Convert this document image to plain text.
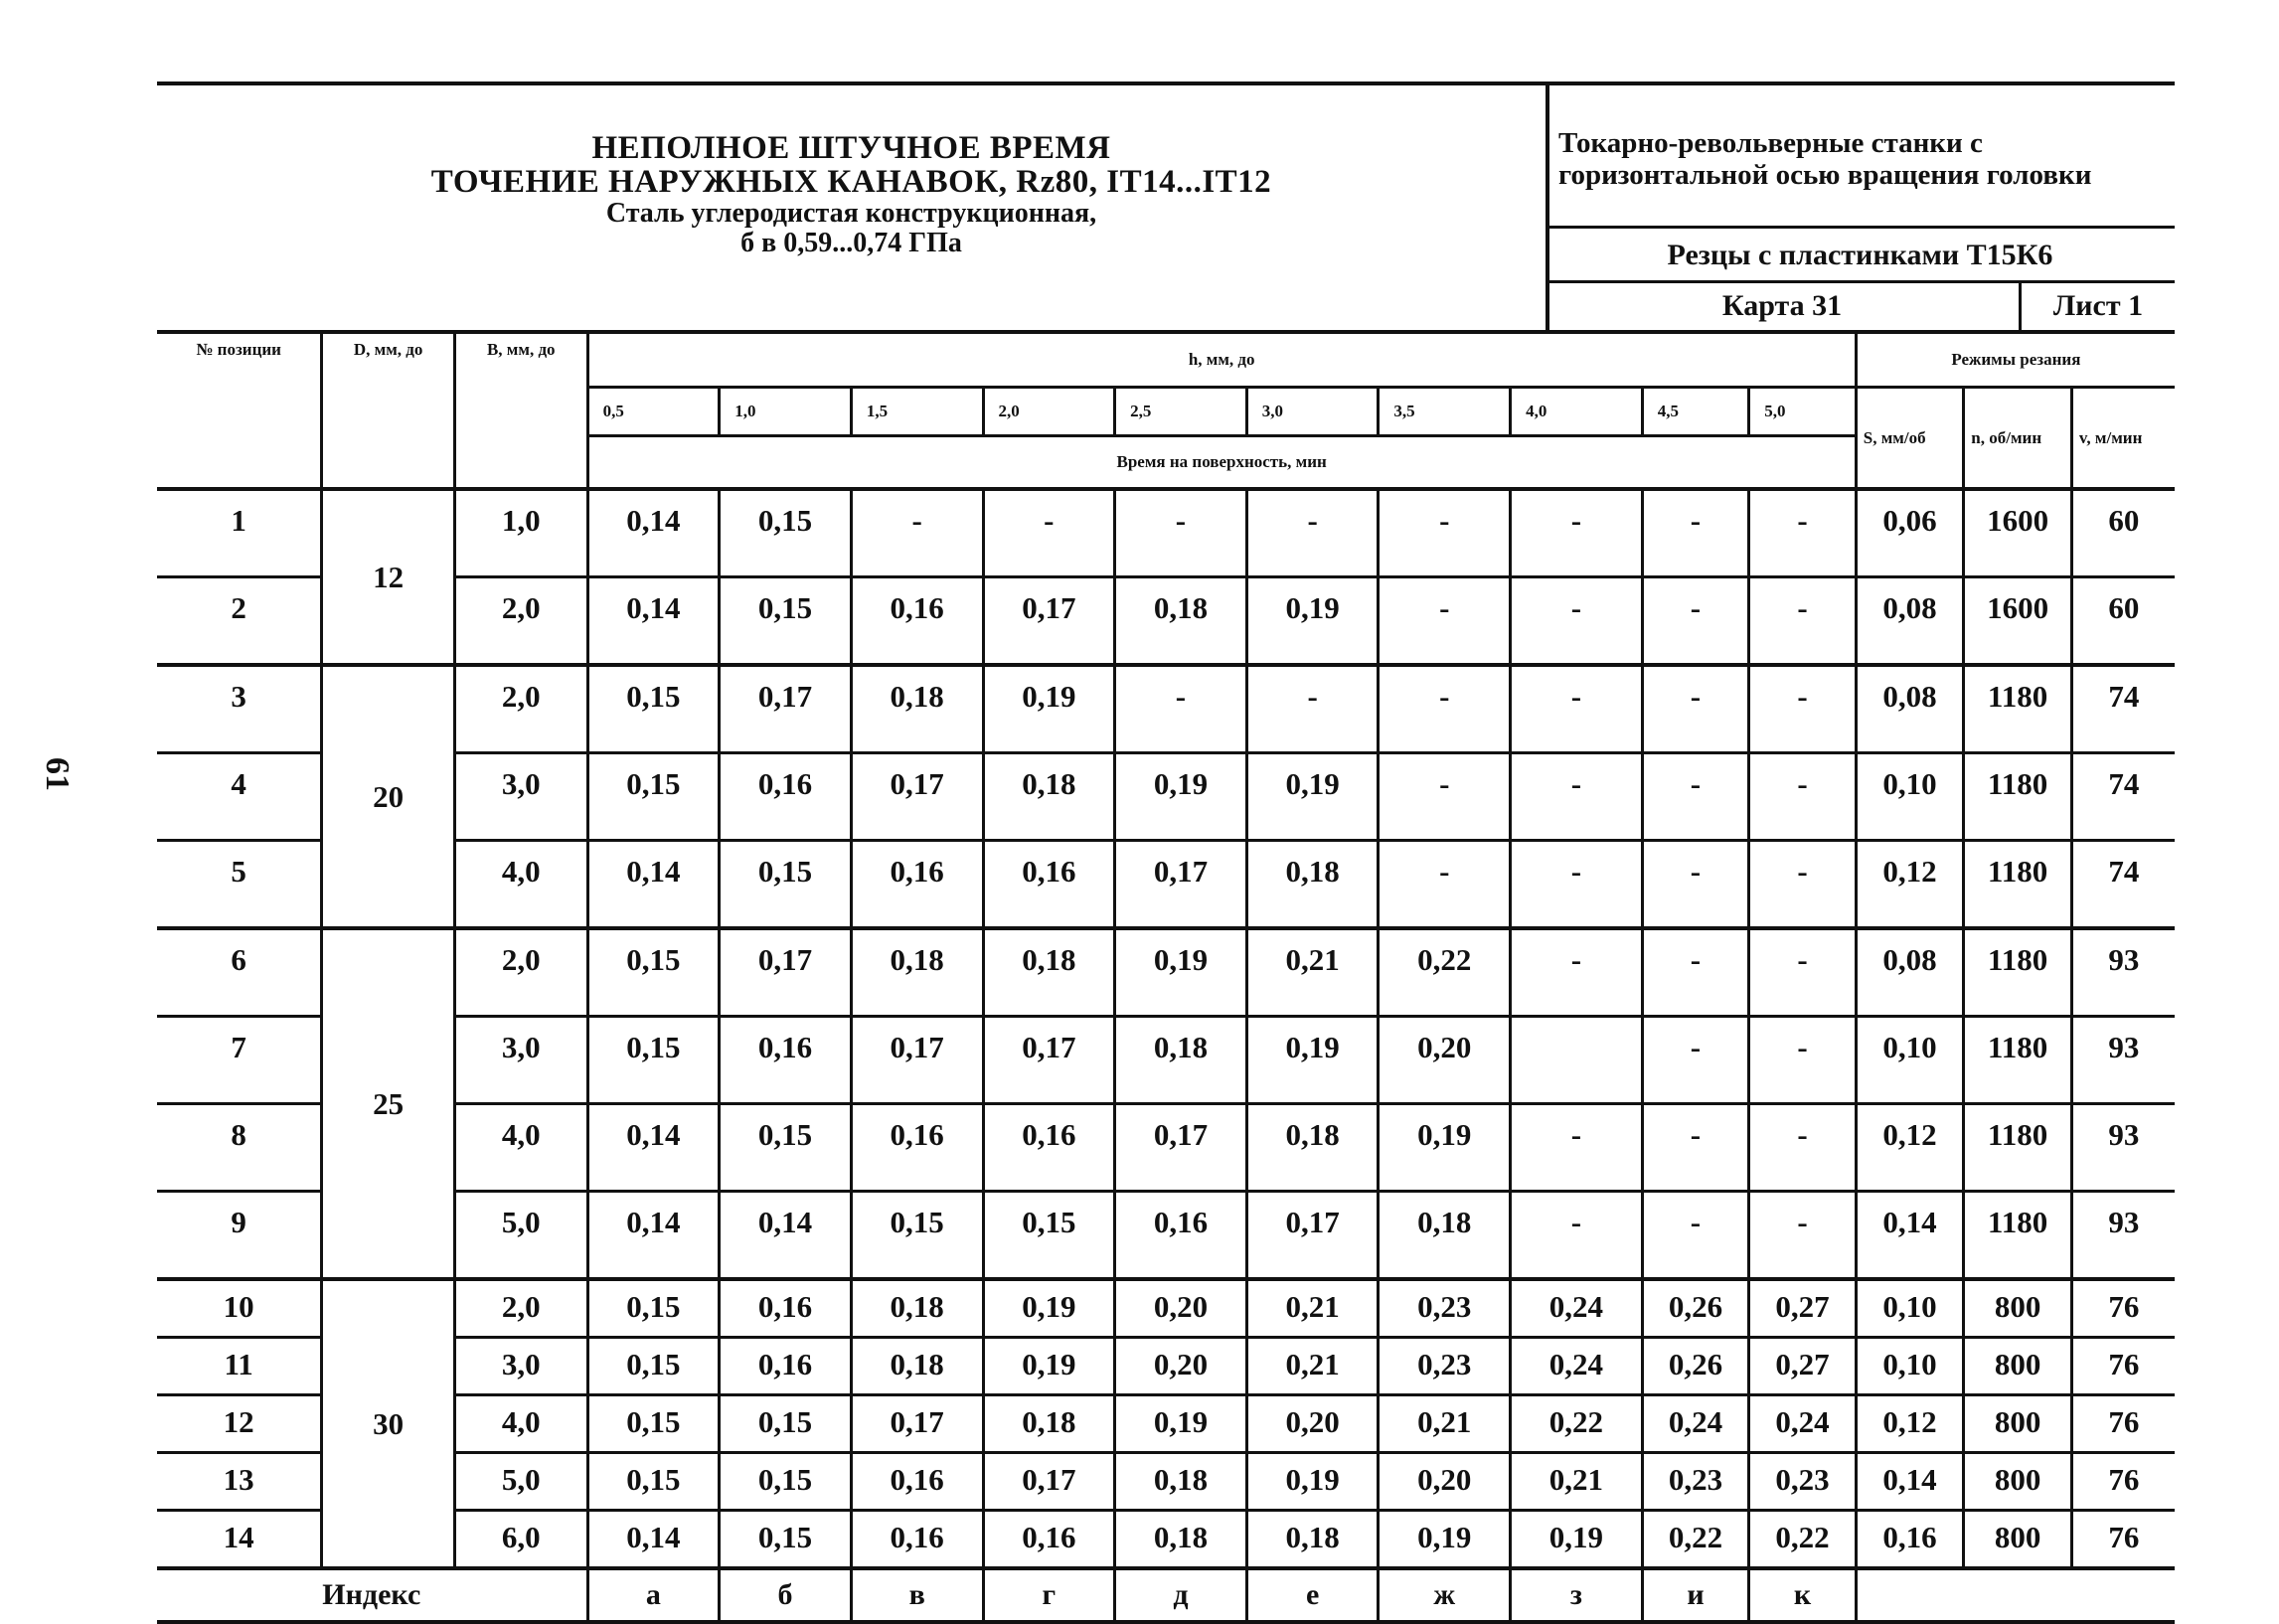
61
НЕПОЛНОЕ ШТУЧНОЕ ВРЕМЯ
ТОЧЕНИЕ НАРУЖНЫХ КАНАВОК, Rz80, IT14...IT12
Сталь углеродистая конструкционная,
б в 0,59...0,74 ГПа
Токарно-револьверные станки с горизонтальной осью вращения головки
Резцы с пластинками Т15К6
Карта 31	Лист 1
№ позиции	D, мм, до	B, мм, до	h, мм, до										Режимы резания		
			0,5	1,0	1,5	2,0	2,5	3,0	3,5	4,0	4,5	5,0	S, мм/об	n, об/мин	v, м/мин
			Время на поверхность, мин												
1	12	1,0	0,14	0,15	-	-	-	-	-	-	-	-	0,06	1600	60
2		2,0	0,14	0,15	0,16	0,17	0,18	0,19	-	-	-	-	0,08	1600	60
3	20	2,0	0,15	0,17	0,18	0,19	-	-	-	-	-	-	0,08	1180	74
4		3,0	0,15	0,16	0,17	0,18	0,19	0,19	-	-	-	-	0,10	1180	74
5		4,0	0,14	0,15	0,16	0,16	0,17	0,18	-	-	-	-	0,12	1180	74
6	25	2,0	0,15	0,17	0,18	0,18	0,19	0,21	0,22	-	-	-	0,08	1180	93
7		3,0	0,15	0,16	0,17	0,17	0,18	0,19	0,20		-	-	0,10	1180	93
8		4,0	0,14	0,15	0,16	0,16	0,17	0,18	0,19	-	-	-	0,12	1180	93
9		5,0	0,14	0,14	0,15	0,15	0,16	0,17	0,18	-	-	-	0,14	1180	93
10	30	2,0	0,15	0,16	0,18	0,19	0,20	0,21	0,23	0,24	0,26	0,27	0,10	800	76
11		3,0	0,15	0,16	0,18	0,19	0,20	0,21	0,23	0,24	0,26	0,27	0,10	800	76
12		4,0	0,15	0,15	0,17	0,18	0,19	0,20	0,21	0,22	0,24	0,24	0,12	800	76
13		5,0	0,15	0,15	0,16	0,17	0,18	0,19	0,20	0,21	0,23	0,23	0,14	800	76
14		6,0	0,14	0,15	0,16	0,16	0,18	0,18	0,19	0,19	0,22	0,22	0,16	800	76
Индекс			а	б	в	г	д	е	ж	з	и	к			
